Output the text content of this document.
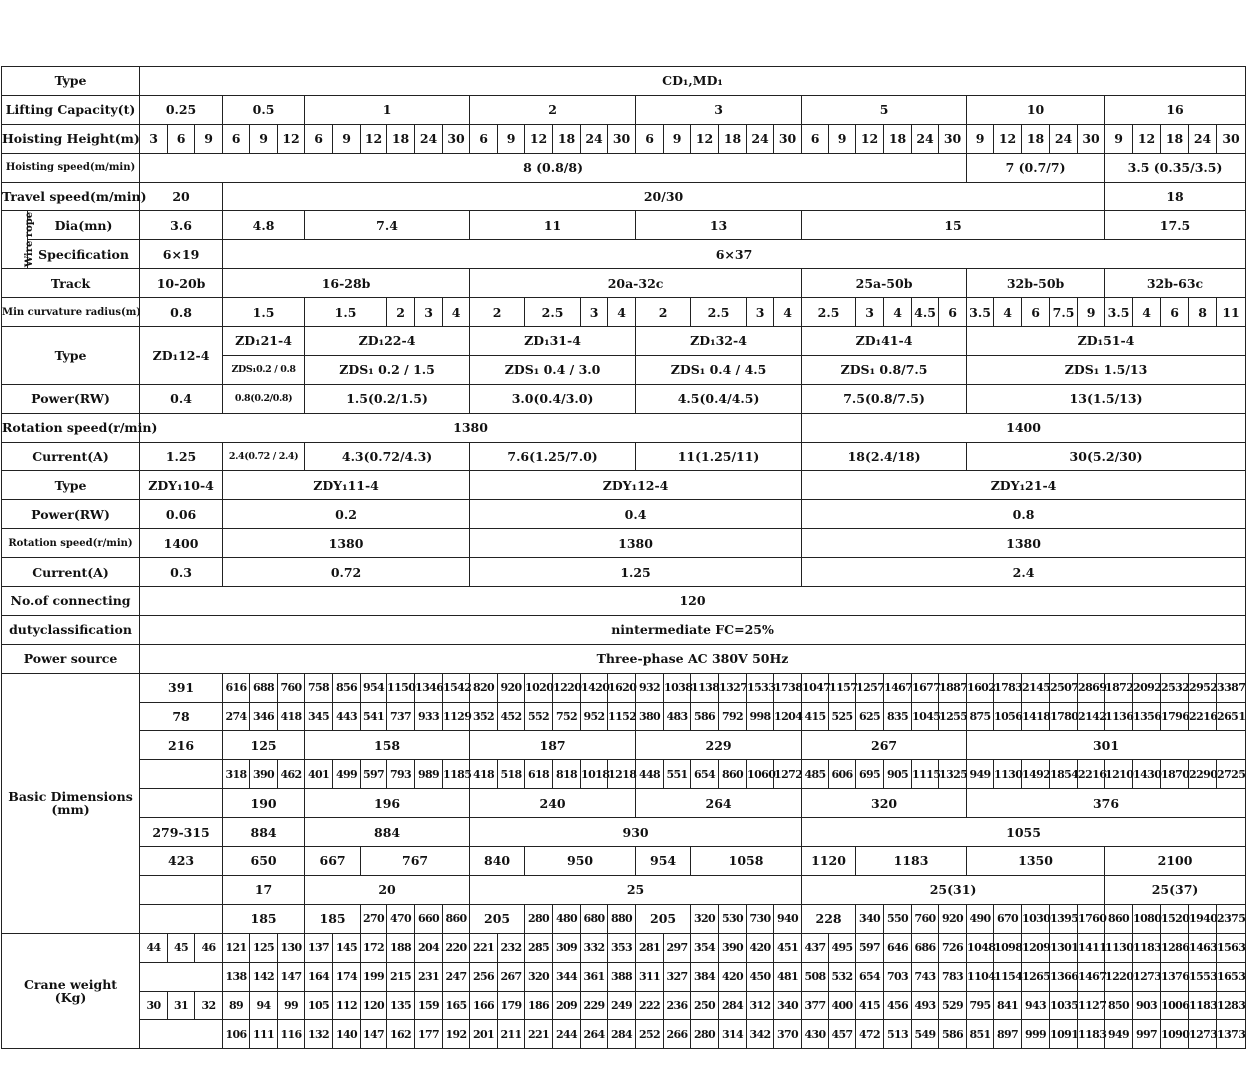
Type		CD₁,MD₁																																							
Lifting Capacity(t)		0.25			0.5			1						2						3						5						10					16				
Hoisting Height(m)		3	6	9	6	9	12	6	9	12	18	24	30	6	9	12	18	24	30	6	9	12	18	24	30	6	9	12	18	24	30	9	12	18	24	30	9	12	18	24	30
Hoisting speed(m/min)		8 (0.8/8)																														7 (0.7/7)					3.5 (0.35/3.5)				
Travel speed(m/min)		20			20/30																																18				
Wire rope	Dia(mn)	3.6			4.8			7.4						11						13						15											17.5				
	Specification	6×19			6×37																																				
Track		10-20b			16-28b									20a-32c												25a-50b						32b-50b					32b-63c				
Min curvature radius(m)		0.8			1.5			1.5			2	3	4	2		2.5		3	4	2		2.5		3	4	2.5		3	4	4.5	6	3.5	4	6	7.5	9	3.5	4	6	8	11
Type		ZD₁12-4			ZD₁21-4			ZD₁22-4						ZD₁31-4						ZD₁32-4						ZD₁41-4						ZD₁51-4									
					ZDS₁0.2 / 0.8			ZDS₁ 0.2 / 1.5						ZDS₁ 0.4 / 3.0						ZDS₁ 0.4 / 4.5						ZDS₁ 0.8/7.5						ZDS₁ 1.5/13									
Power(RW)		0.4			0.8(0.2/0.8)			1.5(0.2/1.5)						3.0(0.4/3.0)						4.5(0.4/4.5)						7.5(0.8/7.5)						13(1.5/13)									
Rotation speed(r/min)		1380																								1400															
Current(A)		1.25			2.4(0.72 / 2.4)			4.3(0.72/4.3)						7.6(1.25/7.0)						11(1.25/11)						18(2.4/18)						30(5.2/30)									
Type		ZDY₁10-4			ZDY₁11-4									ZDY₁12-4												ZDY₁21-4															
Power(RW)		0.06			0.2									0.4												0.8															
Rotation speed(r/min)		1400			1380									1380												1380															
Current(A)		0.3			0.72									1.25												2.4															
No.of connecting		120																																							
dutyclassification		nintermediate FC=25%																																							
Power source		Three-phase AC 380V 50Hz																																							
Basic Dimensions
(mm)		391			616	688	760	758	856	954	1150	1346	1542	820	920	1020	1220	1420	1620	932	1038	1138	1327	1533	1738	1047	1157	1257	1467	1677	1887	1602	1783	2145	2507	2869	1872	2092	2532	2952	3387
		78			274	346	418	345	443	541	737	933	1129	352	452	552	752	952	1152	380	483	586	792	998	1204	415	525	625	835	1045	1255	875	1056	1418	1780	2142	1136	1356	1796	2216	2651
		216			125			158						187						229						267						301									
					318	390	462	401	499	597	793	989	1185	418	518	618	818	1018	1218	448	551	654	860	1060	1272	485	606	695	905	1115	1325	949	1130	1492	1854	2216	1210	1430	1870	2290	2725
					190			196						240						264						320						376									
		279-315			884			884						930												1055															
		423			650			667		767				840		950				954		1058				1120		1183				1350					2100				
					17			20						25												25(31)											25(37)				
					185			185		270	470	660	860	205		280	480	680	880	205		320	530	730	940	228		340	550	760	920	490	670	1030	1395	1760	860	1080	1520	1940	2375
Crane weight
(Kg)		44	45	46	121	125	130	137	145	172	188	204	220	221	232	285	309	332	353	281	297	354	390	420	451	437	495	597	646	686	726	1048	1098	1209	1301	1411	1130	1183	1286	1463	1563
					138	142	147	164	174	199	215	231	247	256	267	320	344	361	388	311	327	384	420	450	481	508	532	654	703	743	783	1104	1154	1265	1366	1467	1220	1273	1376	1553	1653
		30	31	32	89	94	99	105	112	120	135	159	165	166	179	186	209	229	249	222	236	250	284	312	340	377	400	415	456	493	529	795	841	943	1035	1127	850	903	1006	1183	1283
					106	111	116	132	140	147	162	177	192	201	211	221	244	264	284	252	266	280	314	342	370	430	457	472	513	549	586	851	897	999	1091	1183	949	997	1090	1273	1373
